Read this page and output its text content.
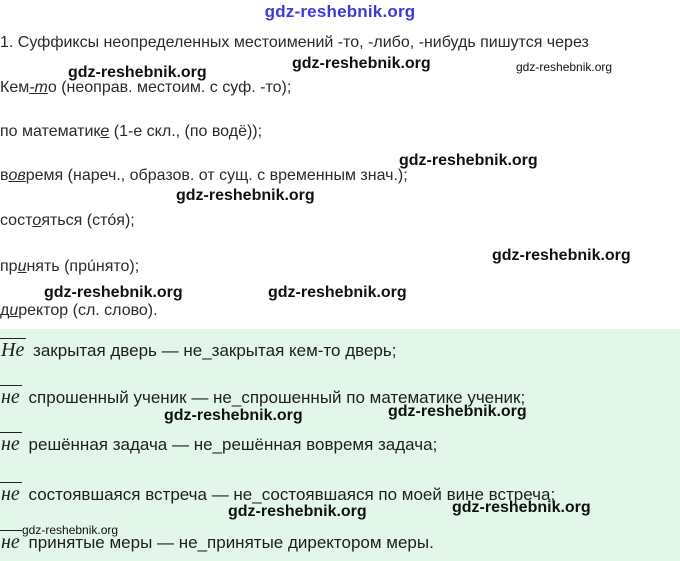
gdz-reshebnik.org
1. Суффиксы неопределенных местоимений -то, -либо, -нибудь пишутся через
Кем-то (неоправ. местоим. с суф. -то);
по математике (1-е скл., (по водё));
вовремя (нареч., образов. от сущ. с временным знач.);
состояться (стóя);
принять (прúнято);
директор (сл. слово).
Не закрытая дверь — не_закрытая кем-то дверь;
не спрошенный ученик — не_спрошенный по математике ученик;
не решённая задача — не_решённая вовремя задача;
не состоявшаяся встреча — не_состоявшаяся по моей вине встреча;
не принятые меры — не_принятые директором меры.
gdz-reshebnik.org
gdz-reshebnik.org	gdz-reshebnik.org
gdz-reshebnik.org
gdz-reshebnik.org
gdz-reshebnik.org
gdz-reshebnik.org	gdz-reshebnik.org
gdz-reshebnik.org	gdz-reshebnik.org
gdz-reshebnik.org	gdz-reshebnik.org
gdz-reshebnik.org
